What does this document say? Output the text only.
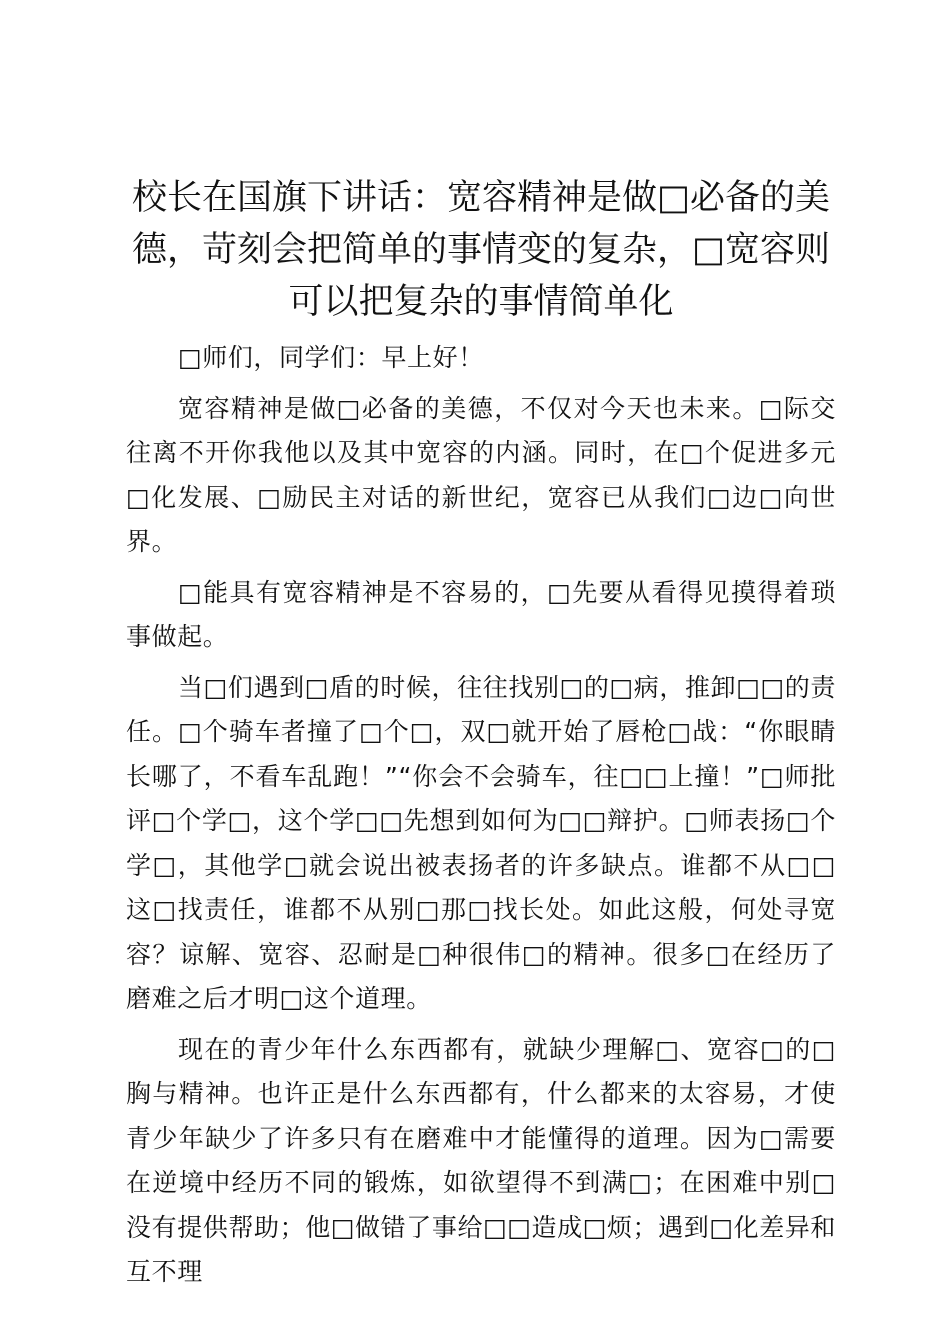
校长在国旗下讲话：宽容精神是做□必备的美德，苛刻会把简单的事情变的复杂，□宽容则可以把复杂的事情简单化

□师们，同学们：早上好！

宽容精神是做□必备的美德，不仅对今天也未来。□际交往离不开你我他以及其中宽容的内涵。同时，在□个促进多元□化发展、□励民主对话的新世纪，宽容已从我们□边□向世界。

□能具有宽容精神是不容易的，□先要从看得见摸得着琐事做起。

当□们遇到□盾的时候，往往找别□的□病，推卸□□的责任。□个骑车者撞了□个□，双□就开始了唇枪□战：“你眼睛长哪了，不看车乱跑！”“你会不会骑车，往□□上撞！”□师批评□个学□，这个学□□先想到如何为□□辩护。□师表扬□个学□，其他学□就会说出被表扬者的许多缺点。谁都不从□□这□找责任，谁都不从别□那□找长处。如此这般，何处寻宽容？谅解、宽容、忍耐是□种很伟□的精神。很多□在经历了磨难之后才明□这个道理。

现在的青少年什么东西都有，就缺少理解□、宽容□的□胸与精神。也许正是什么东西都有，什么都来的太容易，才使青少年缺少了许多只有在磨难中才能懂得的道理。因为□需要在逆境中经历不同的锻炼，如欲望得不到满□；在困难中别□没有提供帮助；他□做错了事给□□造成□烦；遇到□化差异和互不理
